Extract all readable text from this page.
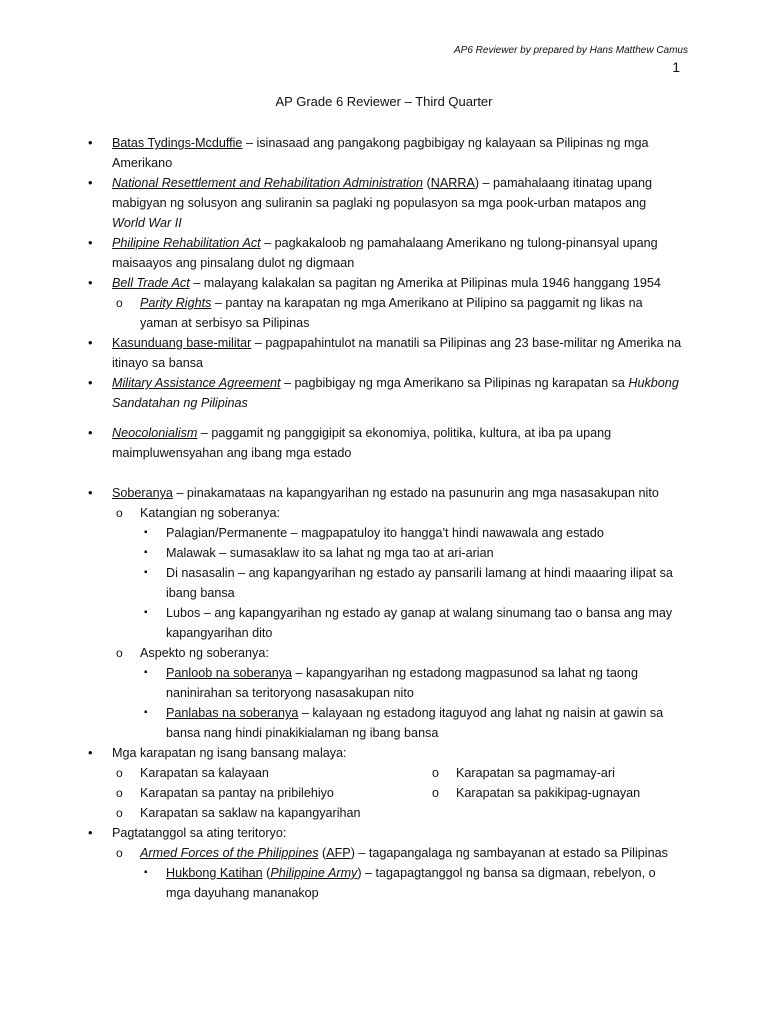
AP6 Reviewer by prepared by Hans Matthew Camus
1
AP Grade 6 Reviewer – Third Quarter
• Batas Tydings-Mcduffie – isinasaad ang pangakong pagbibigay ng kalayaan sa Pilipinas ng mga Amerikano
• National Resettlement and Rehabilitation Administration (NARRA) – pamahalaang itinatag upang mabigyan ng solusyon ang suliranin sa paglaki ng populasyon sa mga pook-urban matapos ang World War II
• Philipine Rehabilitation Act – pagkakaloob ng pamahalaang Amerikano ng tulong-pinansyal upang maisaayos ang pinsalang dulot ng digmaan
• Bell Trade Act – malayang kalakalan sa pagitan ng Amerika at Pilipinas mula 1946 hanggang 1954
o Parity Rights – pantay na karapatan ng mga Amerikano at Pilipino sa paggamit ng likas na yaman at serbisyo sa Pilipinas
• Kasunduang base-militar – pagpapahintulot na manatili sa Pilipinas ang 23 base-militar ng Amerika na itinayo sa bansa
• Military Assistance Agreement – pagbibigay ng mga Amerikano sa Pilipinas ng karapatan sa Hukbong Sandatahan ng Pilipinas
• Neocolonialism – paggamit ng panggigipit sa ekonomiya, politika, kultura, at iba pa upang maimpluwensyahan ang ibang mga estado
• Soberanya – pinakamataas na kapangyarihan ng estado na pasunurin ang mga nasasakupan nito
o Katangian ng soberanya:
▪ Palagian/Permanente – magpapatuloy ito hangga't hindi nawawala ang estado
▪ Malawak – sumasaklaw ito sa lahat ng mga tao at ari-arian
▪ Di nasasalin – ang kapangyarihan ng estado ay pansarili lamang at hindi maaaring ilipat sa ibang bansa
▪ Lubos – ang kapangyarihan ng estado ay ganap at walang sinumang tao o bansa ang may kapangyarihan dito
o Aspekto ng soberanya:
▪ Panloob na soberanya – kapangyarihan ng estadong magpasunod sa lahat ng taong naninirahan sa teritoryong nasasakupan nito
▪ Panlabas na soberanya – kalayaan ng estadong itaguyod ang lahat ng naisin at gawin sa bansa nang hindi pinakikialaman ng ibang bansa
• Mga karapatan ng isang bansang malaya:
o Karapatan sa kalayaan	o	Karapatan sa pagmamay-ari
o Karapatan sa pantay na pribilehiyo	o	Karapatan sa pakikipag-ugnayan
o Karapatan sa saklaw na kapangyarihan
• Pagtatanggol sa ating teritoryo:
o Armed Forces of the Philippines (AFP) – tagapangalaga ng sambayanan at estado sa Pilipinas
▪ Hukbong Katihan (Philippine Army) – tagapagtanggol ng bansa sa digmaan, rebelyon, o mga dayuhang mananakop
